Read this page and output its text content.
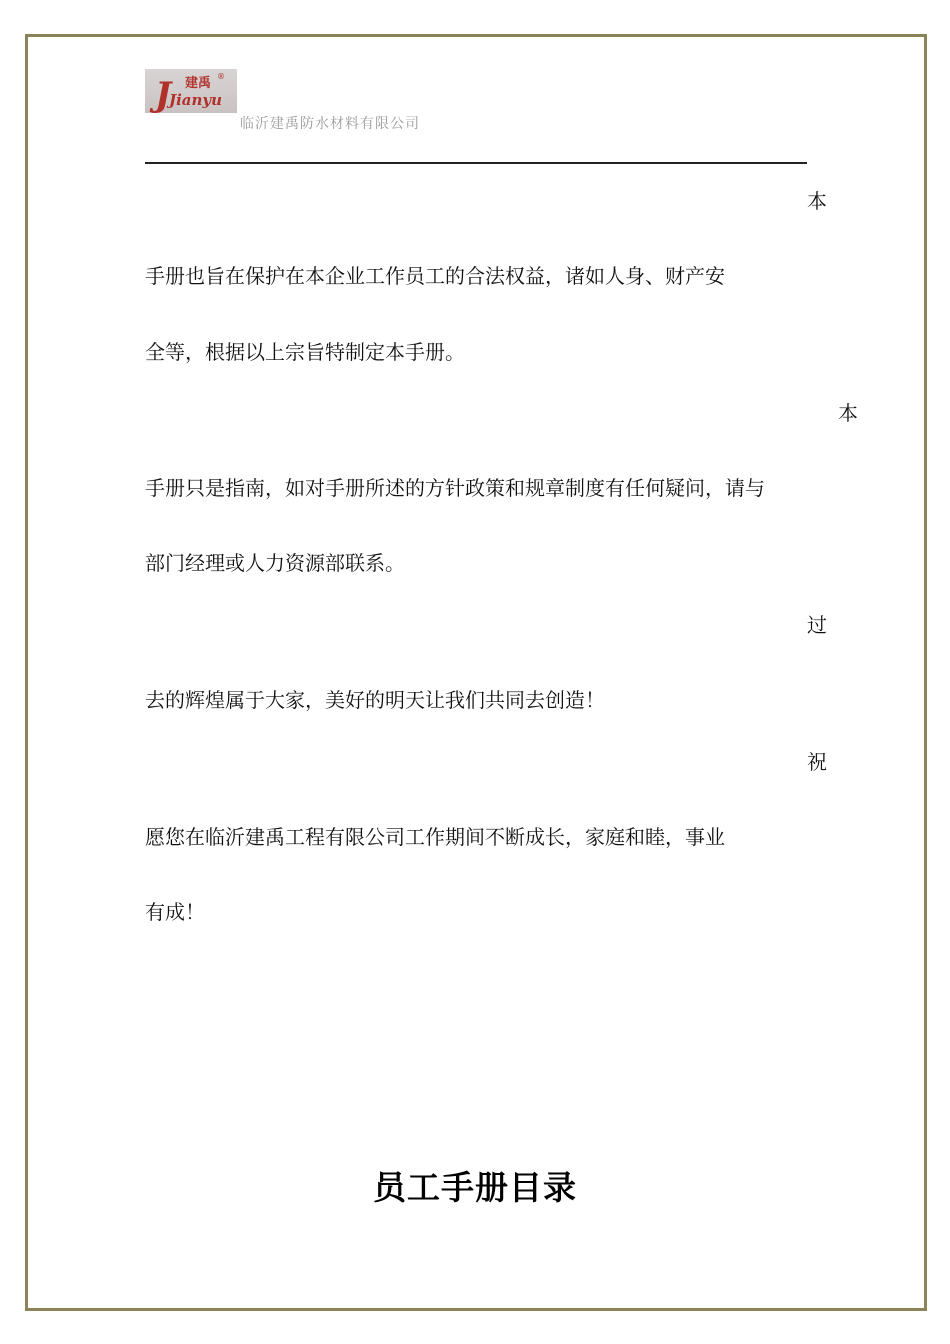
J
Jianyu
建禹 ®
临沂建禹防水材料有限公司
本
手册也旨在保护在本企业工作员工的合法权益，诸如人身、财产安
全等，根据以上宗旨特制定本手册。
本
手册只是指南，如对手册所述的方针政策和规章制度有任何疑问，请与
部门经理或人力资源部联系。
过
去的辉煌属于大家，美好的明天让我们共同去创造！
祝
愿您在临沂建禹工程有限公司工作期间不断成长，家庭和睦，事业
有成！
员工手册目录
